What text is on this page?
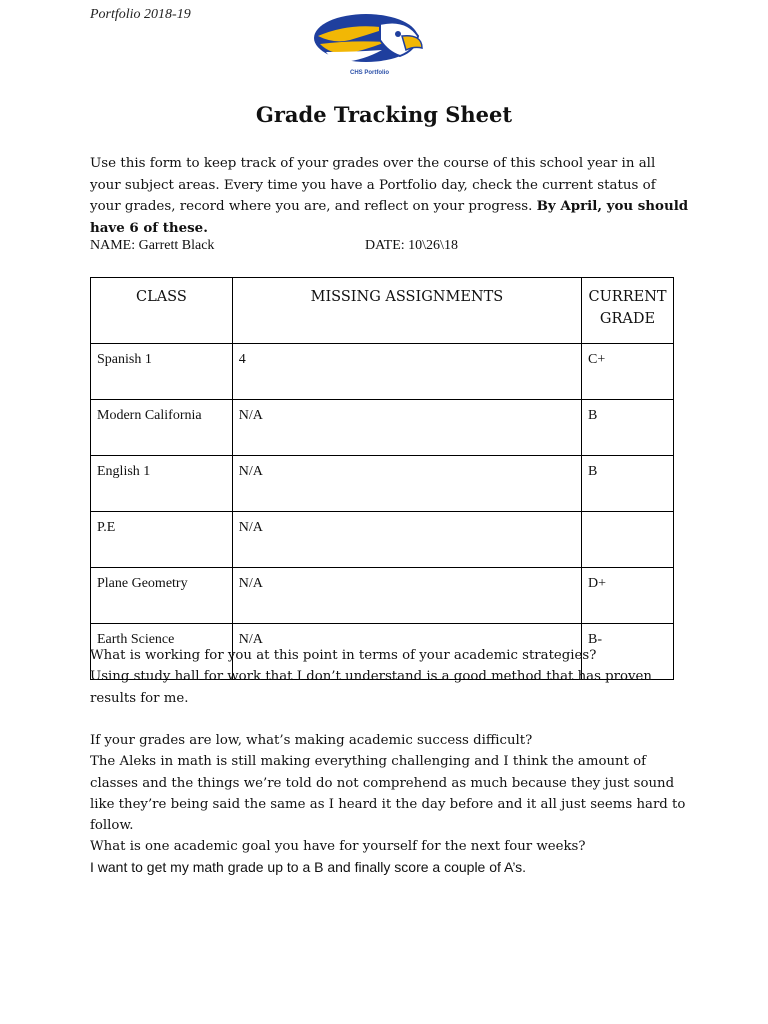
Portfolio 2018-19
CHS Portfolio
Grade Tracking Sheet
Use this form to keep track of your grades over the course of this school year in all your subject areas. Every time you have a Portfolio day, check the current status of your grades, record where you are, and reflect on your progress. By April, you should have 6 of these.
NAME: Garrett Black	DATE: 10\26\18
CLASS	MISSING ASSIGNMENTS	CURRENT GRADE
Spanish 1	4	C+
Modern California	N/A	B
English 1	N/A	B
P.E	N/A	
Plane Geometry	N/A	D+
Earth Science	N/A	B-
What is working for you at this point in terms of your academic strategies?
Using study hall for work that I don’t understand is a good method that has proven results for me.
If your grades are low, what’s making academic success difficult?
The Aleks in math is still making everything challenging and I think the amount of classes and the things we’re told do not comprehend as much because they just sound like they’re being said the same as I heard it the day before and it all just seems hard to follow.
What is one academic goal you have for yourself for the next four weeks?
I want to get my math grade up to a B and finally score a couple of A’s.
